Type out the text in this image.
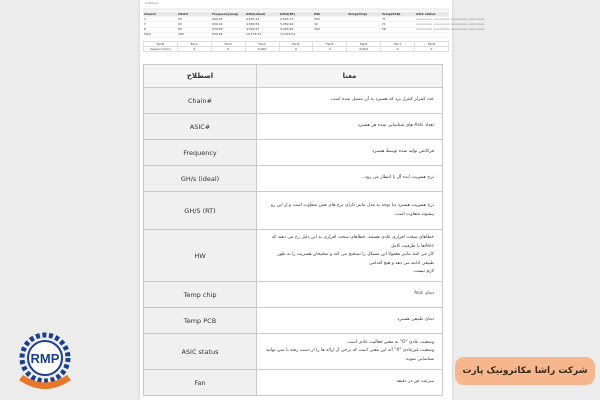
AntMiner
Chain#	ASIC#	Frequency(avg)	GH/S(ideal)	GH/S(RT)	HW	Temp(Chip)	Temp(PCB)	ASIC status
1	63	640.92	4,593.13	4,593.73	250		71	oooooooo oooooooo oooooooo oooooooo
7	63	639.09	4,589.59	5,059.90	32		71	oooooooo oooooooo oooooooo oooooooo
8	63	639.85	4,593.67	4,393.85	250		58	oooooooo oooooooo oooooooo oooooooo
Total	189	639.94	13,776.51	13,976.51				
Fan#	Fan1	Fan2	Fan3	Fan4	Fan5	Fan6	Fan7	Fan8
Speed (r/min)	0	0	6,000	0	0	6,000	0	0
اصطلاح	معنا
Chain#	عدد کنترلر کنترل برد که هشبرد به آن متصل شده است.

ASIC#	تعداد Asic های شناسایی شده هر هشبرد

Frequency	فرکانس تولید شده توسط هشبرد

GH/s (ideal)	نرخ هشریت ایده آل یا انتظار می رود...

GH/S (RT)	نرخ هشریت هشبرد دبا توجه به مدل ماینر دارای نرخ های هش متفاوت است و از این رو پیشوند متفاوت است.

HW	خطاهای سخت افزاری عادی هستند. خطاهای سخت افزاری به این دلیل رخ می دهند که Asicها با ظرفیت کامل
کار می کنند ماینر معمولا این مشکل را تصحیح می کند و صحیحان هشریت را به طور طبیعی ادامه می دهد و هیچ اقدامی
لازم نیست.

Temp chip	دمای Asic

Temp PCB	دمای طبیعی هشبرد

ASIC status	وضعیت عادی "O" به معنی فعالیت عادی است
وضعیت غیرعادی "X" آنه این معنی است که برخی از ارائه ها را از دست رفته یا نمی توانند شناسایی شوند.

Fan	سرعت فن در دقیقه
RMP
شرکت راشا مکاترونیک پارت
